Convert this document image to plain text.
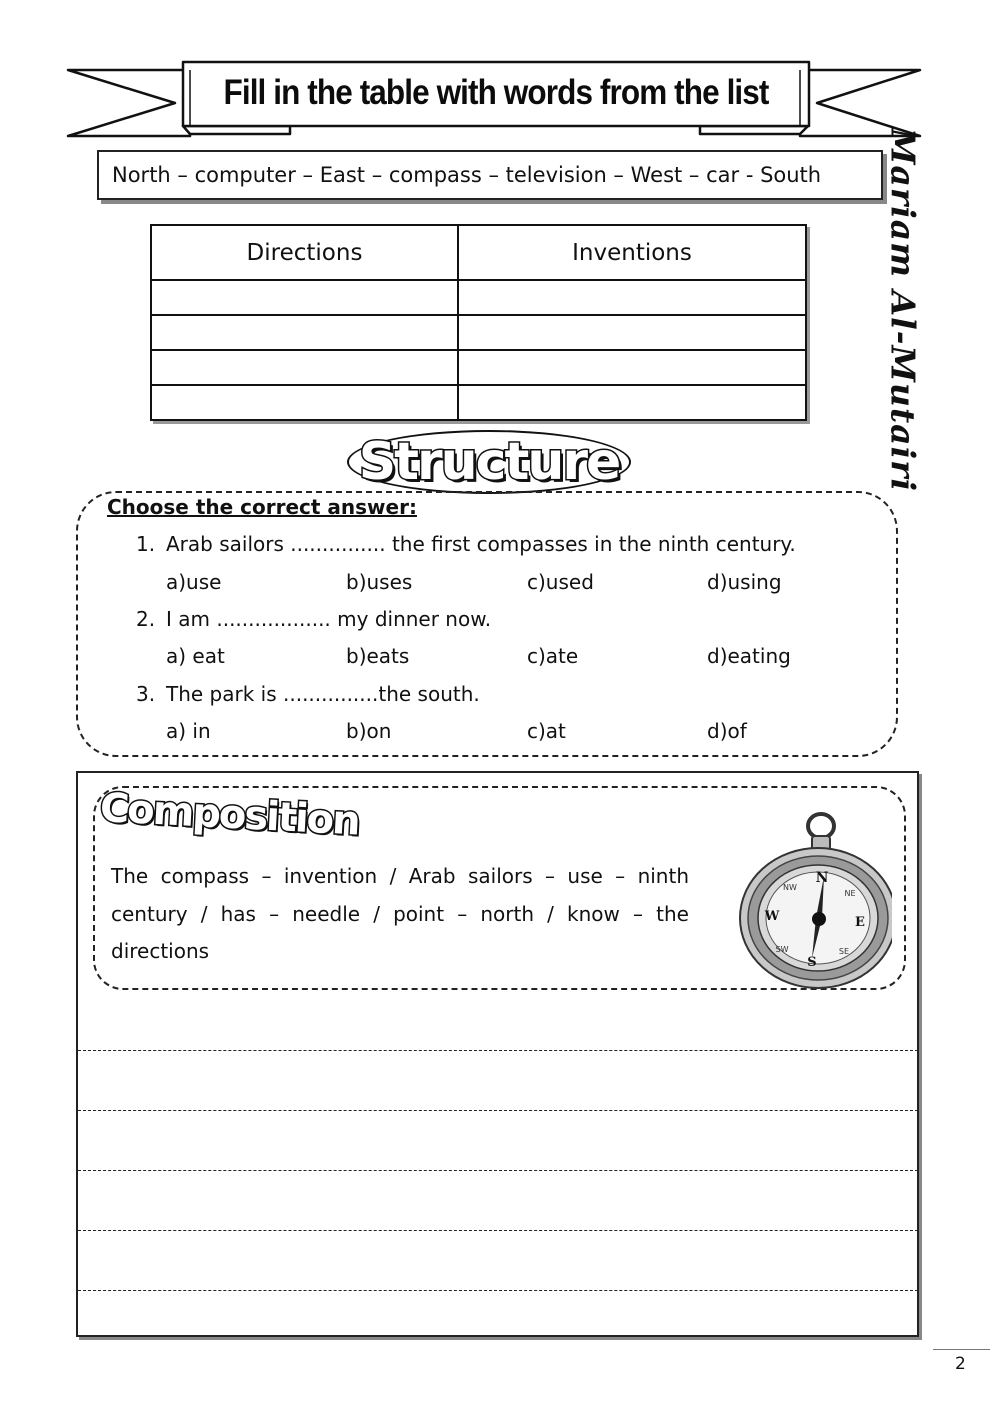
Fill in the table with words from the list
North – computer – East – compass – television – West – car - South Mariam Al-Mutairi
Directions	Inventions

Structure
Choose the correct answer:
1. Arab sailors ............... the first compasses in the ninth century.
a)use	b)uses	c)used	d)using
2. I am .................. my dinner now.
a) eat	b)eats	c)ate	d)eating
3. The park is ...............the south.
a) in	b)on	c)at	d)of
Composition
The compass – invention / Arab sailors – use – ninth century / has – needle / point – north / know – the directions
N
NE
E
SE
S
SW
W
NW
2
